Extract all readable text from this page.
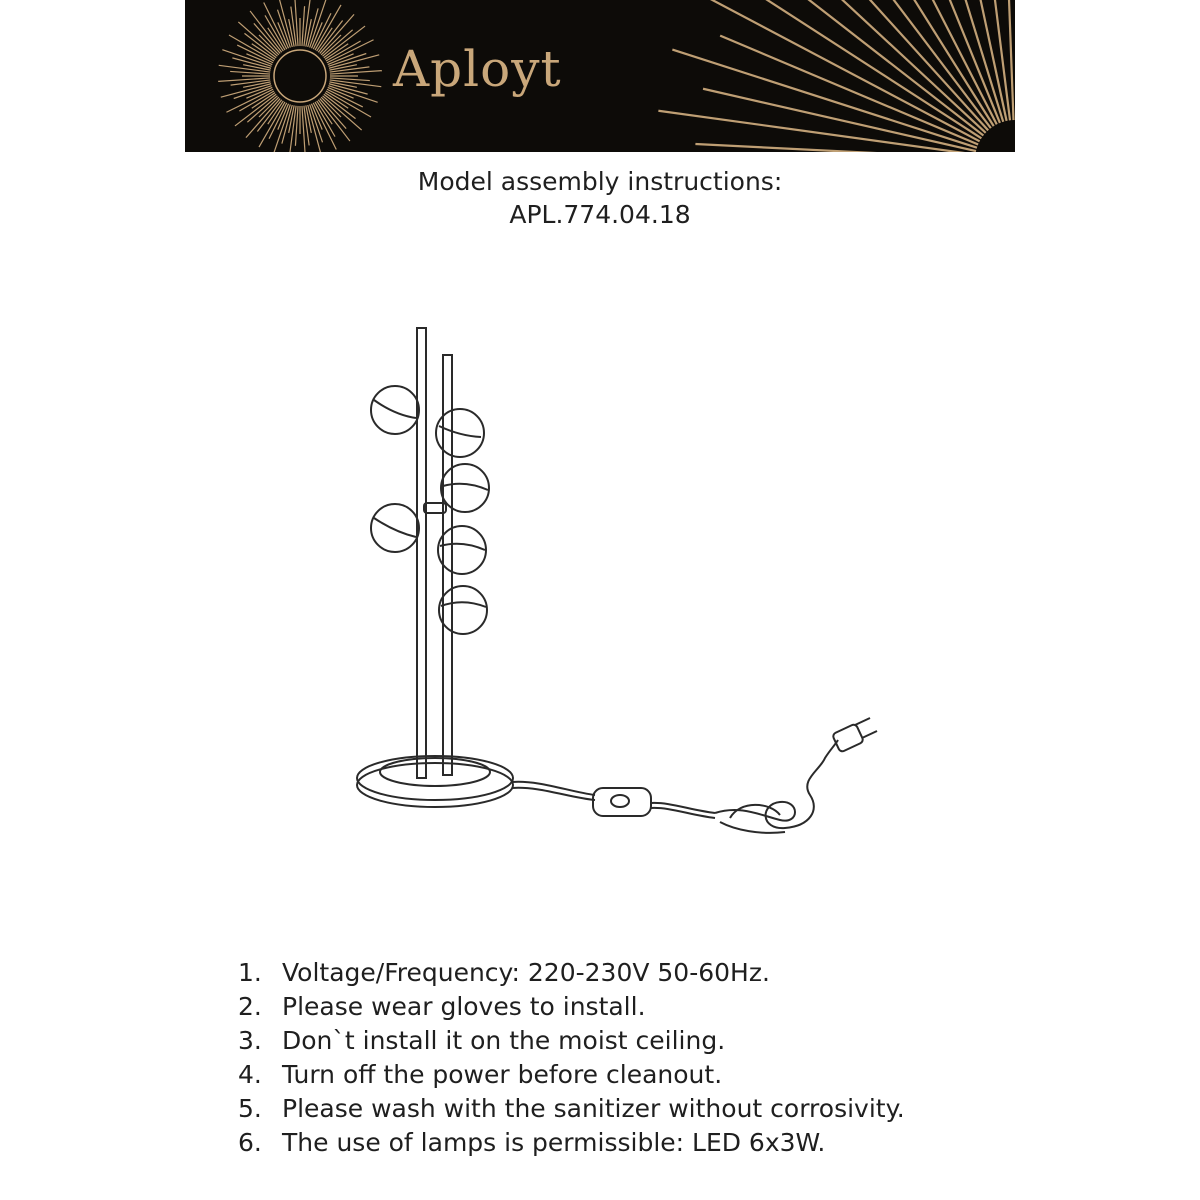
Aployt
Model assembly instructions:
APL.774.04.18
1. Voltage/Frequency: 220-230V 50-60Hz.
2. Please wear gloves to install.
3. Don`t install it on the moist ceiling.
4. Turn off the power before cleanout.
5. Please wash with the sanitizer without corrosivity.
6. The use of lamps is permissible: LED 6x3W.
